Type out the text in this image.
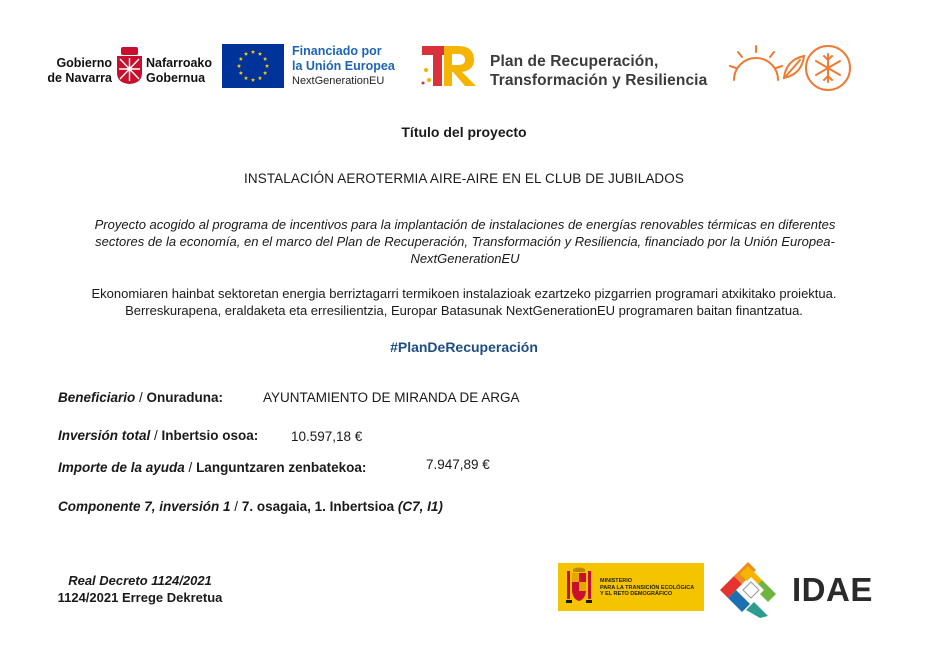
Gobierno
de Navarra
Nafarroako
Gobernua
Financiado por
la Unión Europea
NextGenerationEU
Plan de Recuperación,
Transformación y Resiliencia
Título del proyecto
INSTALACIÓN AEROTERMIA AIRE-AIRE EN EL CLUB DE JUBILADOS
Proyecto acogido al programa de incentivos para la implantación de instalaciones de energías renovables térmicas en diferentes
sectores de la economía, en el marco del Plan de Recuperación, Transformación y Resiliencia, financiado por la Unión Europea-
NextGenerationEU
Ekonomiaren hainbat sektoretan energia berriztagarri termikoen instalazioak ezartzeko pizgarrien programari atxikitako proiektua.
Berreskurapena, eraldaketa eta erresilientzia, Europar Batasunak NextGenerationEU programaren baitan finantzatua.
#PlanDeRecuperación
Beneficiario / Onuraduna:	AYUNTAMIENTO DE MIRANDA DE ARGA
Inversión total / Inbertsio osoa: 10.597,18 €
Importe de la ayuda / Languntzaren zenbatekoa:	7.947,89 €
Componente 7, inversión 1 / 7. osagaia, 1. Inbertsioa (C7, I1)
Real Decreto 1124/2021
1124/2021 Errege Dekretua
MINISTERIO
PARA LA TRANSICIÓN ECOLÓGICA
Y EL RETO DEMOGRÁFICO	IDAE
